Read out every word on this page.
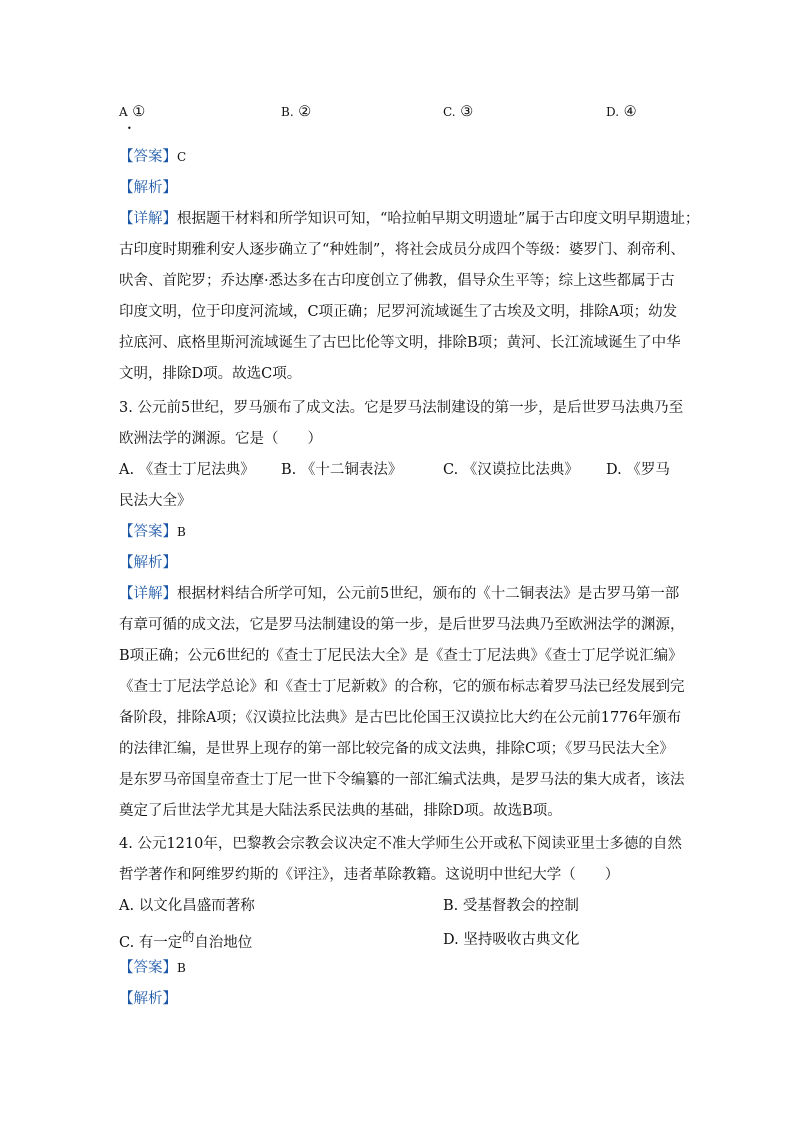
A ①
•
B. ②	C. ③	D. ④
【答案】C
【解析】
【详解】根据题干材料和所学知识可知，“哈拉帕早期文明遗址”属于古印度文明早期遗址；
古印度时期雅利安人逐步确立了“种姓制”，将社会成员分成四个等级：婆罗门、刹帝利、
吠舍、首陀罗；乔达摩·悉达多在古印度创立了佛教，倡导众生平等；综上这些都属于古
印度文明，位于印度河流域，C项正确；尼罗河流域诞生了古埃及文明，排除A项；幼发
拉底河、底格里斯河流域诞生了古巴比伦等文明，排除B项；黄河、长江流域诞生了中华
文明，排除D项。故选C项。
3. 公元前5世纪，罗马颁布了成文法。它是罗马法制建设的第一步，是后世罗马法典乃至
欧洲法学的渊源。它是（　　）
A. 《查士丁尼法典》 B. 《十二铜表法》	C. 《汉谟拉比法典》 D. 《罗马
民法大全》
【答案】B
【解析】
【详解】根据材料结合所学可知，公元前5世纪，颁布的《十二铜表法》是古罗马第一部
有章可循的成文法，它是罗马法制建设的第一步，是后世罗马法典乃至欧洲法学的渊源，
B项正确；公元6世纪的《查士丁尼民法大全》是《查士丁尼法典》《查士丁尼学说汇编》
《查士丁尼法学总论》和《查士丁尼新敕》的合称，它的颁布标志着罗马法已经发展到完
备阶段，排除A项；《汉谟拉比法典》是古巴比伦国王汉谟拉比大约在公元前1776年颁布
的法律汇编，是世界上现存的第一部比较完备的成文法典，排除C项；《罗马民法大全》
是东罗马帝国皇帝查士丁尼一世下令编纂的一部汇编式法典，是罗马法的集大成者，该法
奠定了后世法学尤其是大陆法系民法典的基础，排除D项。故选B项。
4. 公元1210年，巴黎教会宗教会议决定不准大学师生公开或私下阅读亚里士多德的自然
哲学著作和阿维罗约斯的《评注》，违者革除教籍。这说明中世纪大学（　　）
A. 以文化昌盛而著称	B. 受基督教会的控制
C. 有一定$^的$自治地位	D. 坚持吸收古典文化
【答案】B
【解析】
